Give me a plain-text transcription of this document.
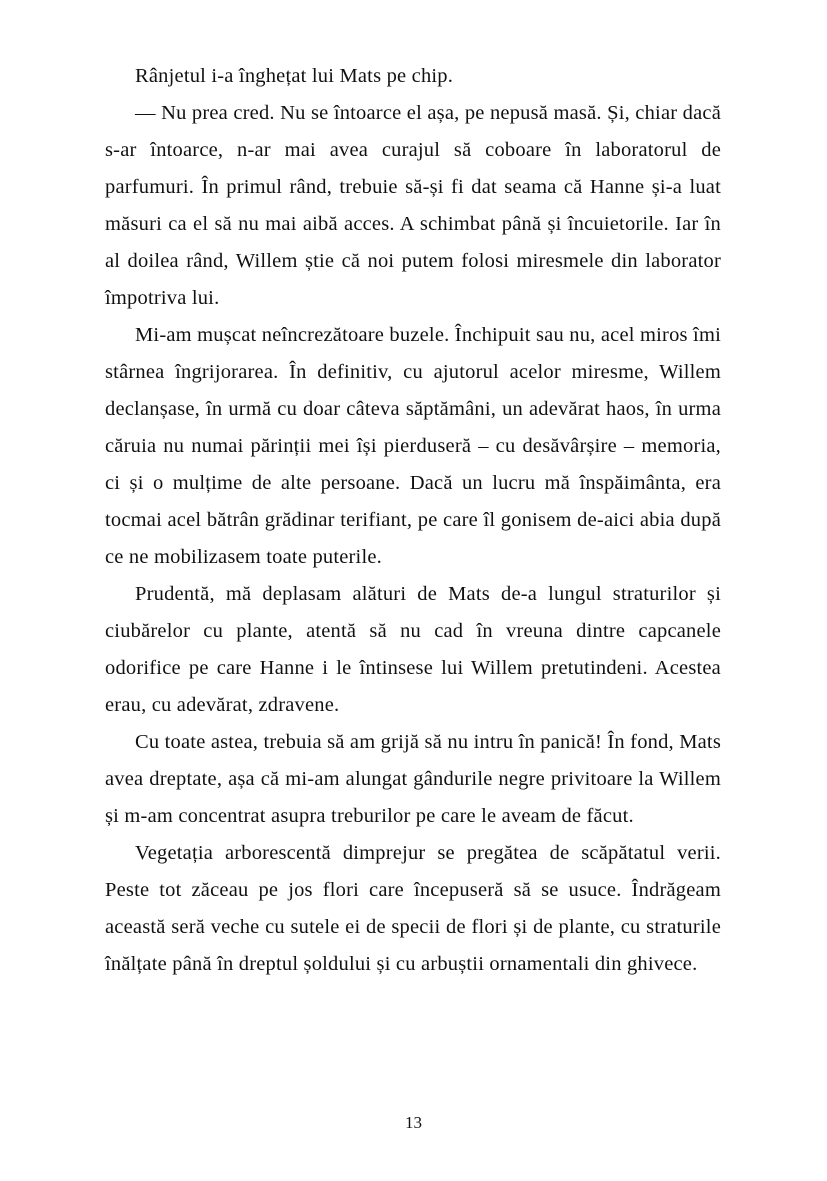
Rânjetul i-a înghețat lui Mats pe chip.

— Nu prea cred. Nu se întoarce el așa, pe nepusă masă. Și, chiar dacă s-ar întoarce, n-ar mai avea curajul să coboare în laboratorul de parfumuri. În primul rând, trebuie să-și fi dat seama că Hanne și-a luat măsuri ca el să nu mai aibă acces. A schimbat până și încuietorile. Iar în al doilea rând, Willem știe că noi putem folosi miresmele din laborator împotriva lui.

Mi-am mușcat neîncrezătoare buzele. Închipuit sau nu, acel miros îmi stârnea îngrijorarea. În definitiv, cu ajutorul acelor miresme, Willem declanșase, în urmă cu doar câteva săptămâni, un adevărat haos, în urma căruia nu numai părinții mei își pierduseră – cu desăvârșire – memoria, ci și o mulțime de alte persoane. Dacă un lucru mă înspăimânta, era tocmai acel bătrân grădinar terifiant, pe care îl gonisem de-aici abia după ce ne mobilizasem toate puterile.

Prudentă, mă deplasam alături de Mats de-a lungul straturilor și ciubărelor cu plante, atentă să nu cad în vreuna dintre capcanele odorifice pe care Hanne i le întinsese lui Willem pretutindeni. Acestea erau, cu adevărat, zdravene.

Cu toate astea, trebuia să am grijă să nu intru în panică! În fond, Mats avea dreptate, așa că mi-am alungat gândurile negre privitoare la Willem și m-am concentrat asupra treburilor pe care le aveam de făcut.

Vegetația arborescentă dimprejur se pregătea de scăpătatul verii. Peste tot zăceau pe jos flori care începuseră să se usuce. Îndrăgeam această seră veche cu sutele ei de specii de flori și de plante, cu straturile înălțate până în dreptul șoldului și cu arbuștii ornamentali din ghivece.

13
